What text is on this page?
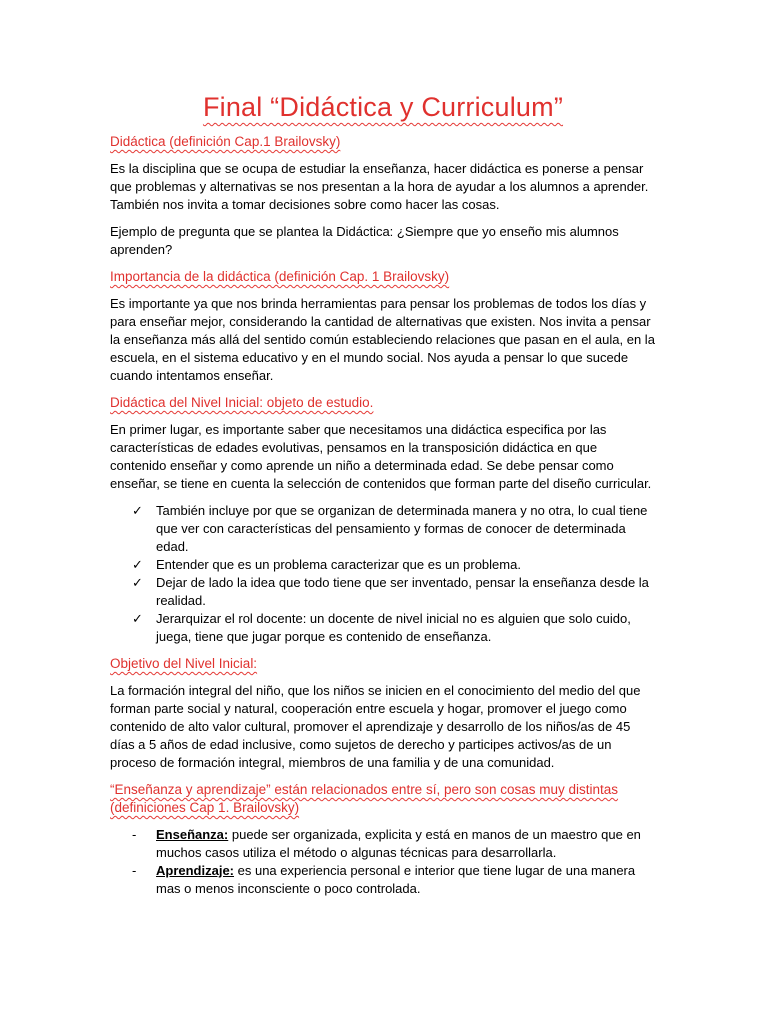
Final “Didáctica y Curriculum”
Didáctica (definición Cap.1 Brailovsky)

Es la disciplina que se ocupa de estudiar la enseñanza, hacer didáctica es ponerse a pensar que problemas y alternativas se nos presentan a la hora de ayudar a los alumnos a aprender. También nos invita a tomar decisiones sobre como hacer las cosas.

Ejemplo de pregunta que se plantea la Didáctica: ¿Siempre que yo enseño mis alumnos aprenden?

Importancia de la didáctica (definición Cap. 1 Brailovsky)

Es importante ya que nos brinda herramientas para pensar los problemas de todos los días y para enseñar mejor, considerando la cantidad de alternativas que existen. Nos invita a pensar la enseñanza más allá del sentido común estableciendo relaciones que pasan en el aula, en la escuela, en el sistema educativo y en el mundo social. Nos ayuda a pensar lo que sucede cuando intentamos enseñar.

Didáctica del Nivel Inicial: objeto de estudio.

En primer lugar, es importante saber que necesitamos una didáctica especifica por las características de edades evolutivas, pensamos en la transposición didáctica en que contenido enseñar y como aprende un niño a determinada edad. Se debe pensar como enseñar, se tiene en cuenta la selección de contenidos que forman parte del diseño curricular.

✓ También incluye por que se organizan de determinada manera y no otra, lo cual tiene que ver con características del pensamiento y formas de conocer de determinada edad.
✓ Entender que es un problema caracterizar que es un problema.
✓ Dejar de lado la idea que todo tiene que ser inventado, pensar la enseñanza desde la realidad.
✓ Jerarquizar el rol docente: un docente de nivel inicial no es alguien que solo cuido, juega, tiene que jugar porque es contenido de enseñanza.
Objetivo del Nivel Inicial:

La formación integral del niño, que los niños se inicien en el conocimiento del medio del que forman parte social y natural, cooperación entre escuela y hogar, promover el juego como contenido de alto valor cultural, promover el aprendizaje y desarrollo de los niños/as de 45 días a 5 años de edad inclusive, como sujetos de derecho y participes activos/as de un proceso de formación integral, miembros de una familia y de una comunidad.

“Enseñanza y aprendizaje” están relacionados entre sí, pero son cosas muy distintas (definiciones Cap 1. Brailovsky)
- Enseñanza: puede ser organizada, explicita y está en manos de un maestro que en muchos casos utiliza el método o algunas técnicas para desarrollarla.
- Aprendizaje: es una experiencia personal e interior que tiene lugar de una manera mas o menos inconsciente o poco controlada.
